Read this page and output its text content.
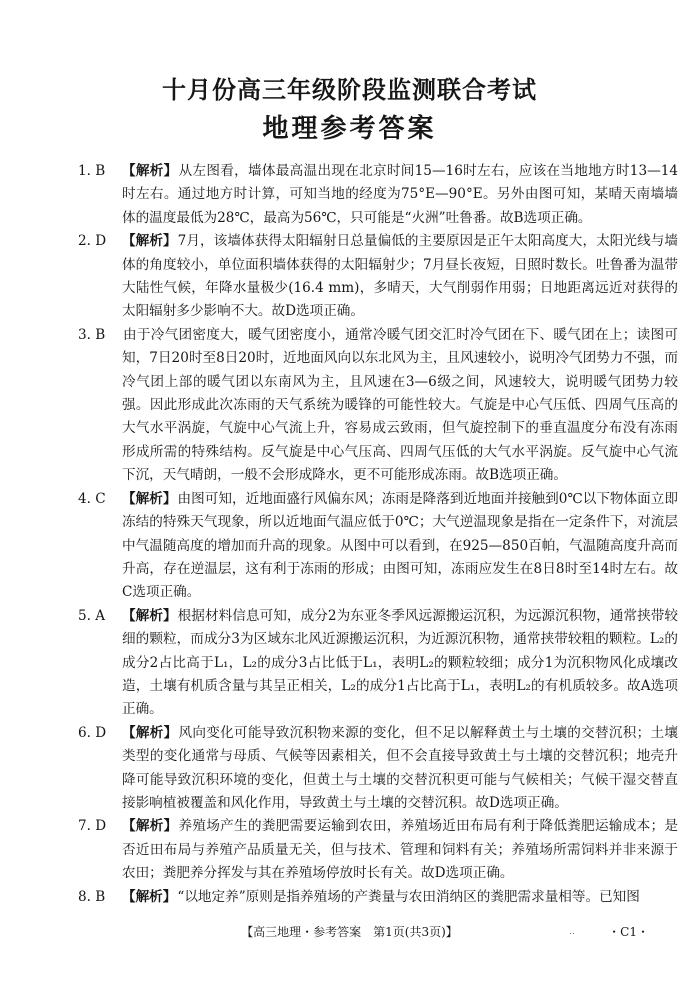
十月份高三年级阶段监测联合考试
地理参考答案
1. B	【解析】从左图看，墙体最高温出现在北京时间15—16时左右，应该在当地地方时13—14时左右。通过地方时计算，可知当地的经度为75°E—90°E。另外由图可知，某晴天南墙墙体的温度最低为28℃，最高为56℃，只可能是“火洲”吐鲁番。故B选项正确。
2. D	【解析】7月，该墙体获得太阳辐射日总量偏低的主要原因是正午太阳高度大，太阳光线与墙体的角度较小，单位面积墙体获得的太阳辐射少；7月昼长夜短，日照时数长。吐鲁番为温带大陆性气候，年降水量极少(16.4 mm)，多晴天，大气削弱作用弱；日地距离远近对获得的太阳辐射多少影响不大。故D选项正确。
3. B	由于冷气团密度大，暖气团密度小，通常冷暖气团交汇时冷气团在下、暖气团在上；读图可知，7日20时至8日20时，近地面风向以东北风为主，且风速较小，说明冷气团势力不强，而冷气团上部的暖气团以东南风为主，且风速在3—6级之间，风速较大，说明暖气团势力较强。因此形成此次冻雨的天气系统为暖锋的可能性较大。气旋是中心气压低、四周气压高的大气水平涡旋，气旋中心气流上升，容易成云致雨，但气旋控制下的垂直温度分布没有冻雨形成所需的特殊结构。反气旋是中心气压高、四周气压低的大气水平涡旋。反气旋中心气流下沉，天气晴朗，一般不会形成降水，更不可能形成冻雨。故B选项正确。
4. C	【解析】由图可知，近地面盛行风偏东风；冻雨是降落到近地面并接触到0℃以下物体面立即冻结的特殊天气现象，所以近地面气温应低于0℃；大气逆温现象是指在一定条件下，对流层中气温随高度的增加而升高的现象。从图中可以看到，在925—850百帕，气温随高度升高而升高，存在逆温层，这有利于冻雨的形成；由图可知，冻雨应发生在8日8时至14时左右。故C选项正确。
5. A	【解析】根据材料信息可知，成分2为东亚冬季风远源搬运沉积，为远源沉积物，通常挟带较细的颗粒，而成分3为区域东北风近源搬运沉积，为近源沉积物，通常挟带较粗的颗粒。L₂的成分2占比高于L₁，L₂的成分3占比低于L₁，表明L₂的颗粒较细；成分1为沉积物风化成壤改造，土壤有机质含量与其呈正相关，L₂的成分1占比高于L₁，表明L₂的有机质较多。故A选项正确。
6. D	【解析】风向变化可能导致沉积物来源的变化，但不足以解释黄土与土壤的交替沉积；土壤类型的变化通常与母质、气候等因素相关，但不会直接导致黄土与土壤的交替沉积；地壳升降可能导致沉积环境的变化，但黄土与土壤的交替沉积更可能与气候相关；气候干湿交替直接影响植被覆盖和风化作用，导致黄土与土壤的交替沉积。故D选项正确。
7. D	【解析】养殖场产生的粪肥需要运输到农田，养殖场近田布局有利于降低粪肥运输成本；是否近田布局与养殖产品质量无关，但与技术、管理和饲料有关；养殖场所需饲料并非来源于农田；粪肥养分挥发与其在养殖场停放时长有关。故D选项正确。
8. B	【解析】“以地定养”原则是指养殖场的产粪量与农田消纳区的粪肥需求量相等。已知图
【高三地理・参考答案　第1页(共3页)】	..	・C1・
